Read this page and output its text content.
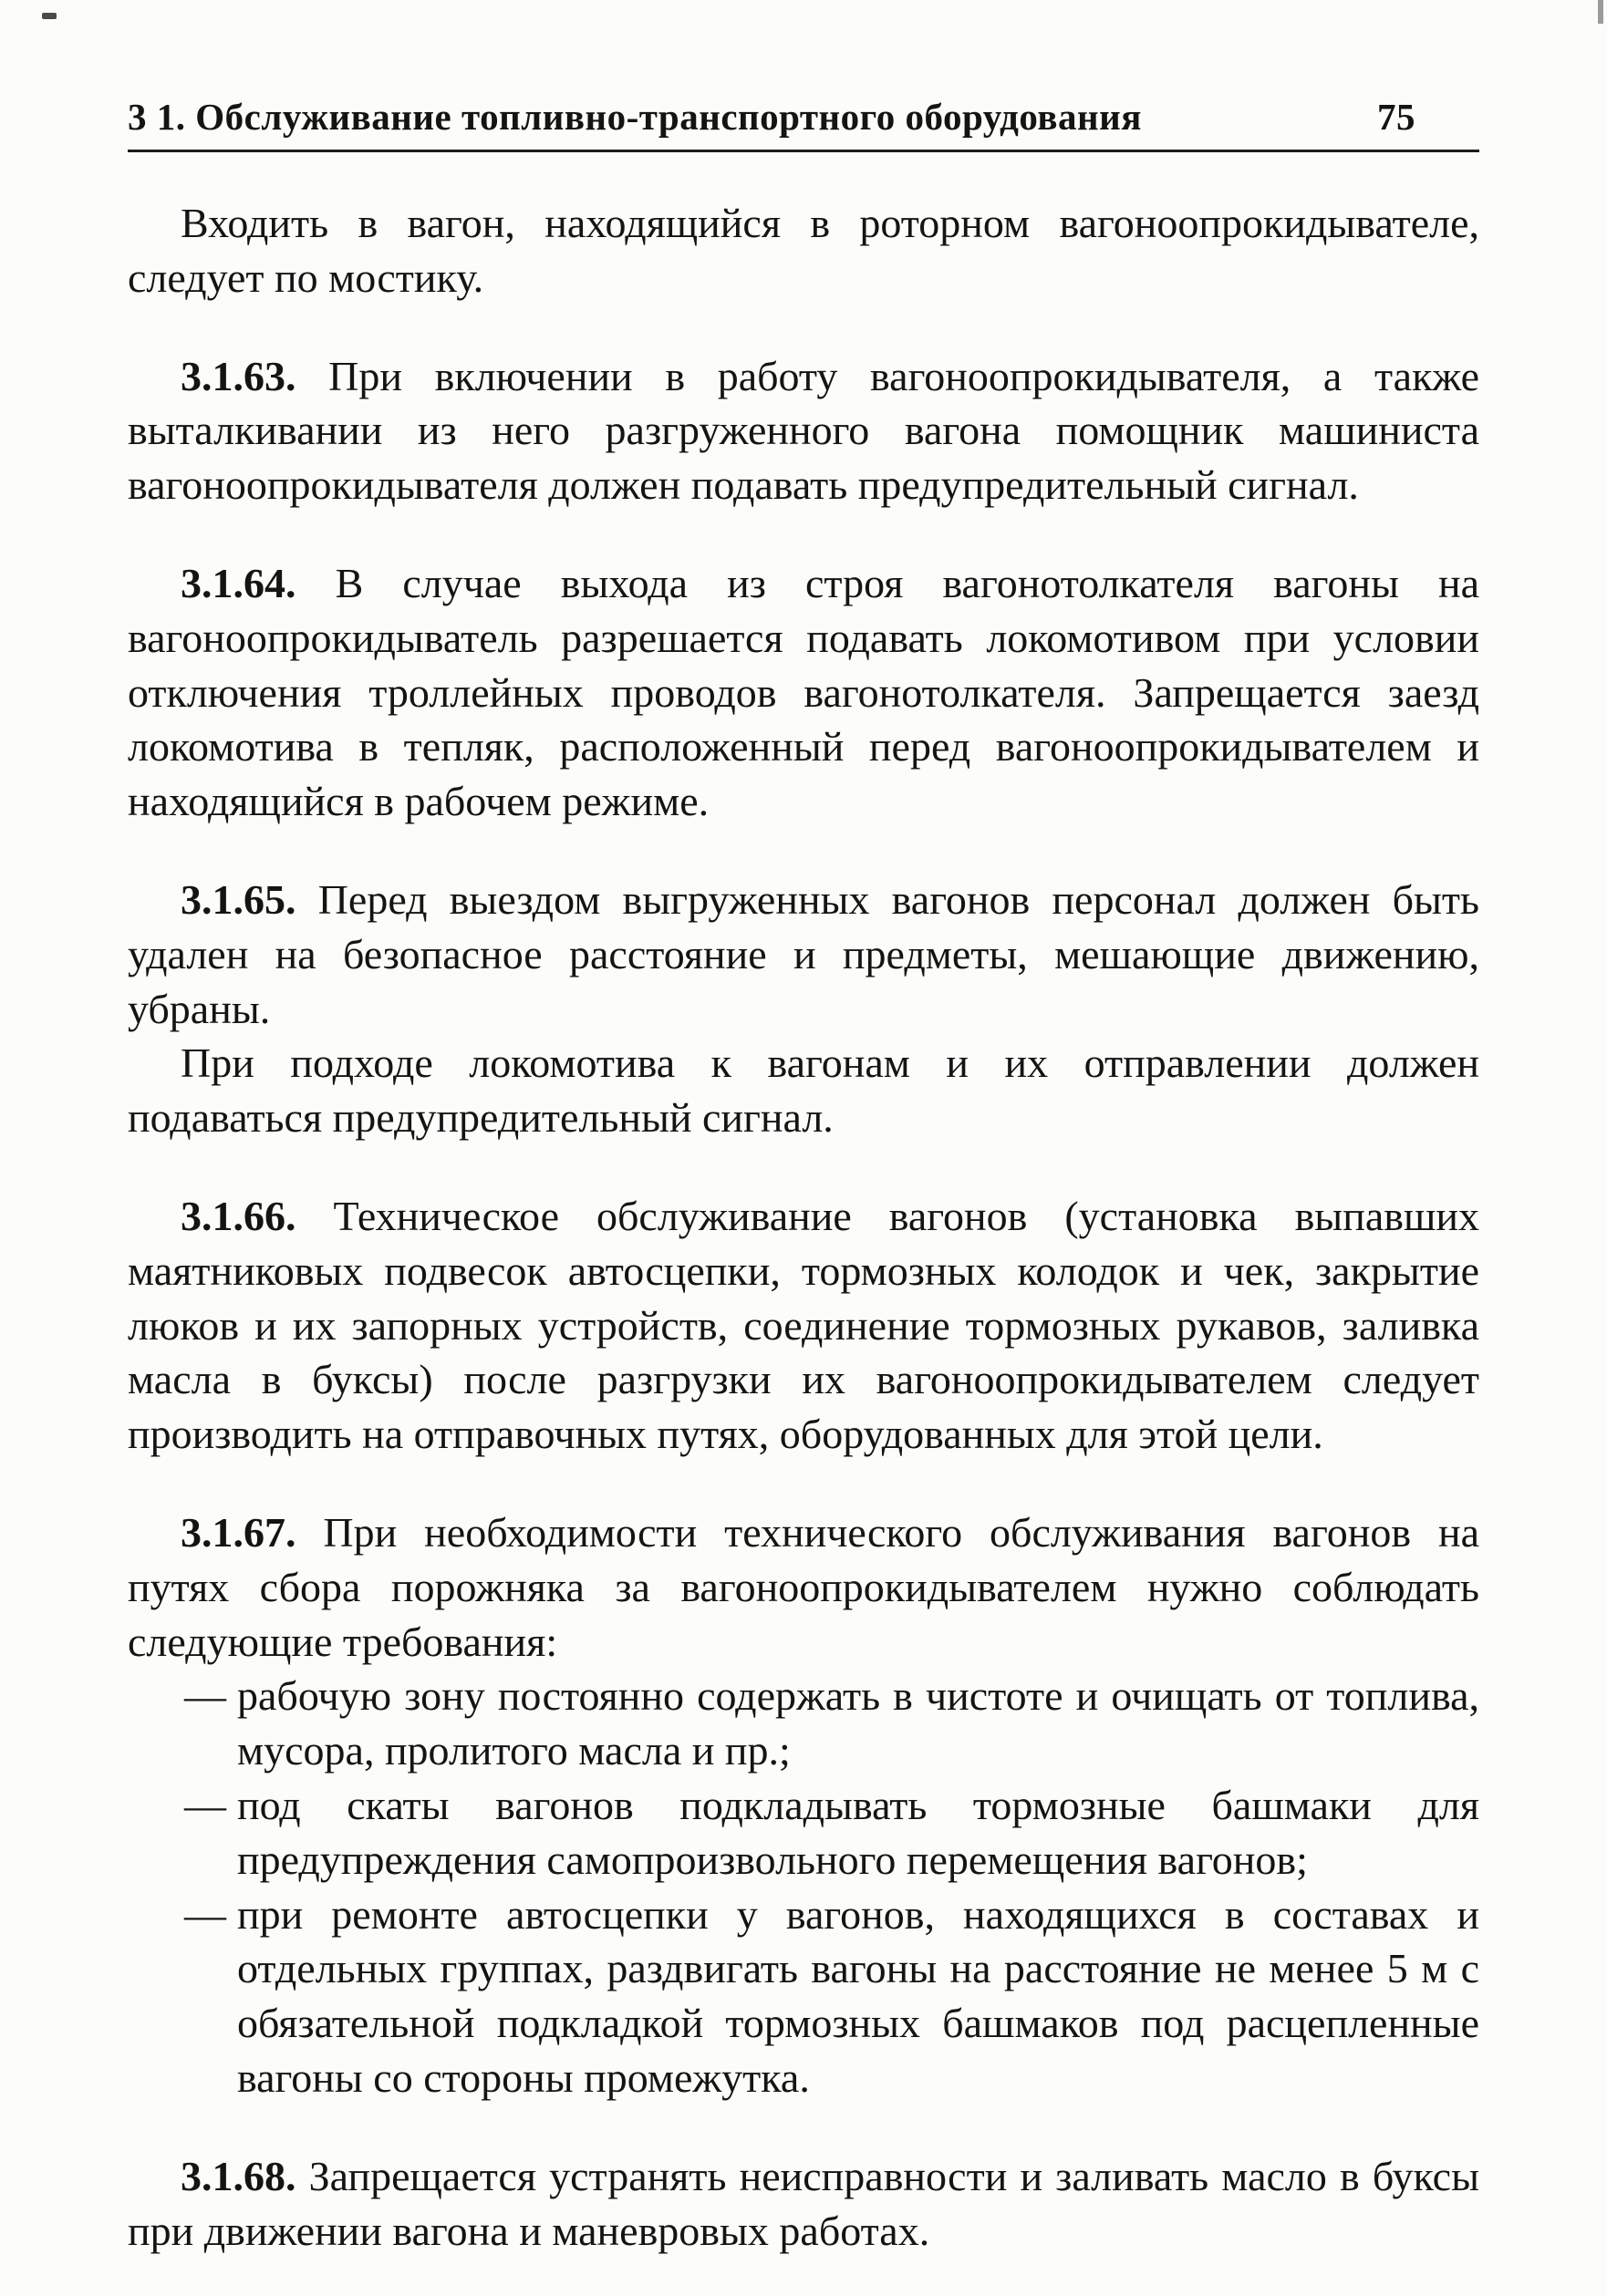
3 1. Обслуживание топливно-транспортного оборудования	75

Входить в вагон, находящийся в роторном вагоноопрокидывателе, следует по мостику.

3.1.63. При включении в работу вагоноопрокидывателя, а также выталкивании из него разгруженного вагона помощник машиниста вагоноопрокидывателя должен подавать предупредительный сигнал.

3.1.64. В случае выхода из строя вагонотолкателя вагоны на вагоноопрокидыватель разрешается подавать локомотивом при условии отключения троллейных проводов вагонотолкателя. Запрещается заезд локомотива в тепляк, расположенный перед вагоноопрокидывателем и находящийся в рабочем режиме.

3.1.65. Перед выездом выгруженных вагонов персонал должен быть удален на безопасное расстояние и предметы, мешающие движению, убраны.

При подходе локомотива к вагонам и их отправлении должен подаваться предупредительный сигнал.

3.1.66. Техническое обслуживание вагонов (установка выпавших маятниковых подвесок автосцепки, тормозных колодок и чек, закрытие люков и их запорных устройств, соединение тормозных рукавов, заливка масла в буксы) после разгрузки их вагоноопрокидывателем следует производить на отправочных путях, оборудованных для этой цели.

3.1.67. При необходимости технического обслуживания вагонов на путях сбора порожняка за вагоноопрокидывателем нужно соблюдать следующие требования:

— рабочую зону постоянно содержать в чистоте и очищать от топлива, мусора, пролитого масла и пр.;
— под скаты вагонов подкладывать тормозные башмаки для предупреждения самопроизвольного перемещения вагонов;
— при ремонте автосцепки у вагонов, находящихся в составах и отдельных группах, раздвигать вагоны на расстояние не менее 5 м с обязательной подкладкой тормозных башмаков под расцепленные вагоны со стороны промежутка.

3.1.68. Запрещается устранять неисправности и заливать масло в буксы при движении вагона и маневровых работах.
